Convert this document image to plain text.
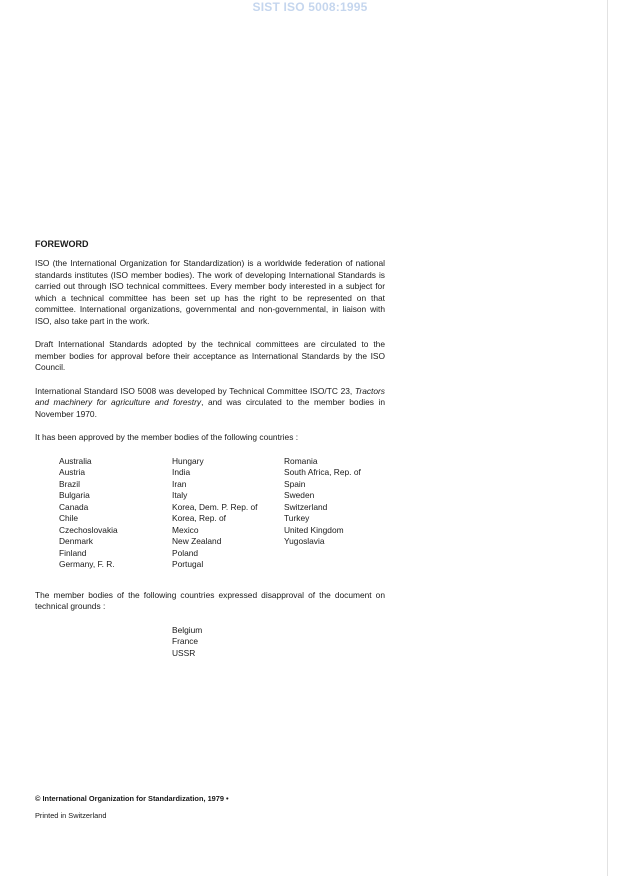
SIST ISO 5008:1995
FOREWORD

ISO (the International Organization for Standardization) is a worldwide federation of national standards institutes (ISO member bodies). The work of developing International Standards is carried out through ISO technical committees. Every member body interested in a subject for which a technical committee has been set up has the right to be represented on that committee. International organizations, governmental and non-governmental, in liaison with ISO, also take part in the work.

Draft International Standards adopted by the technical committees are circulated to the member bodies for approval before their acceptance as International Standards by the ISO Council.

International Standard ISO 5008 was developed by Technical Committee ISO/TC 23, Tractors and machinery for agriculture and forestry, and was circulated to the member bodies in November 1970.

It has been approved by the member bodies of the following countries :

Australia
Austria
Brazil
Bulgaria
Canada
Chile
Czechoslovakia
Denmark
Finland
Germany, F. R.
Hungary
India
Iran
Italy
Korea, Dem. P. Rep. of
Korea, Rep. of
Mexico
New Zealand
Poland
Portugal
Romania
South Africa, Rep. of
Spain
Sweden
Switzerland
Turkey
United Kingdom
Yugoslavia

The member bodies of the following countries expressed disapproval of the document on technical grounds :

Belgium
France
USSR
© International Organization for Standardization, 1979 •
Printed in Switzerland
